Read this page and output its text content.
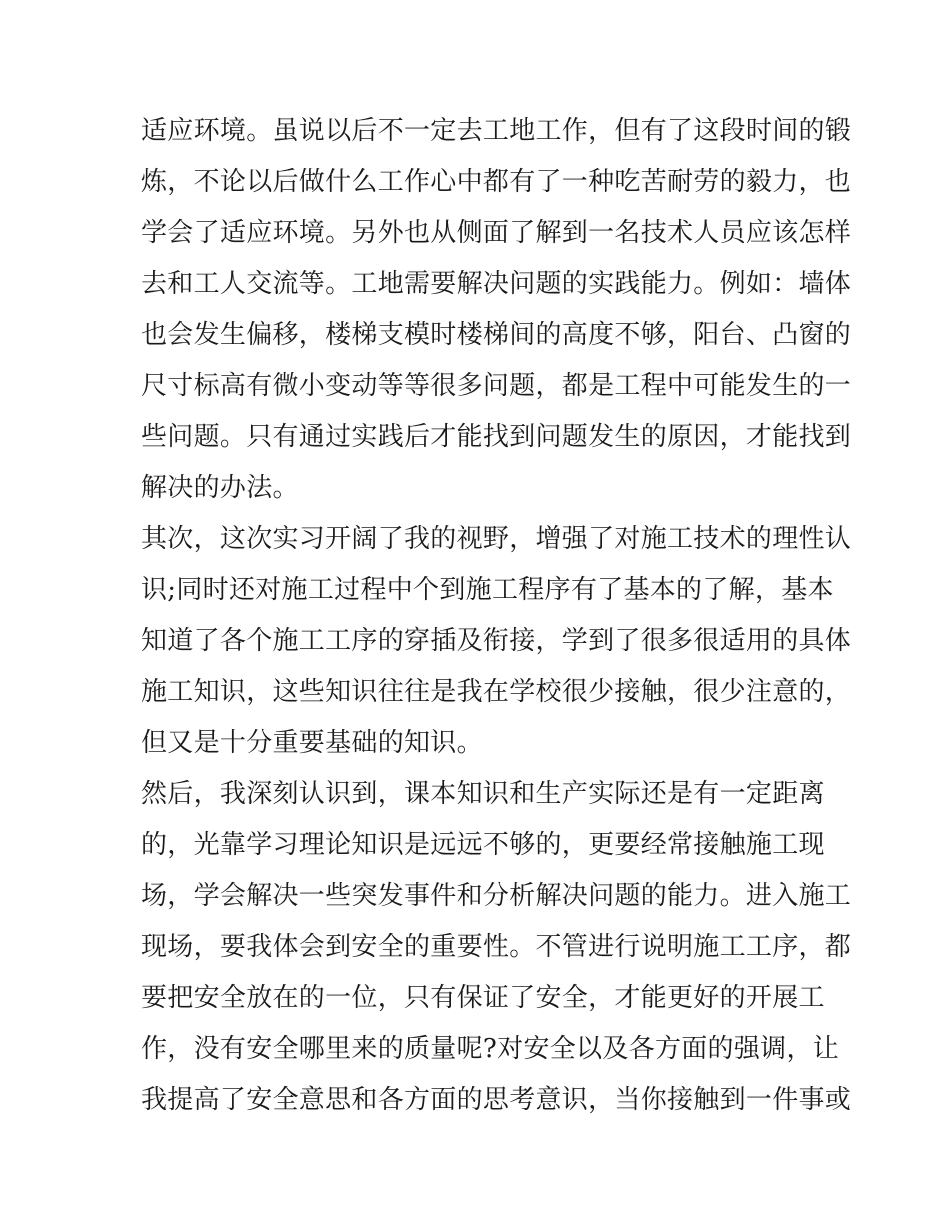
适应环境。虽说以后不一定去工地工作，但有了这段时间的锻
炼，不论以后做什么工作心中都有了一种吃苦耐劳的毅力，也
学会了适应环境。另外也从侧面了解到一名技术人员应该怎样
去和工人交流等。工地需要解决问题的实践能力。例如：墙体
也会发生偏移，楼梯支模时楼梯间的高度不够，阳台、凸窗的
尺寸标高有微小变动等等很多问题，都是工程中可能发生的一
些问题。只有通过实践后才能找到问题发生的原因，才能找到
解决的办法。
其次，这次实习开阔了我的视野，增强了对施工技术的理性认
识;同时还对施工过程中个到施工程序有了基本的了解，基本
知道了各个施工工序的穿插及衔接，学到了很多很适用的具体
施工知识，这些知识往往是我在学校很少接触，很少注意的，
但又是十分重要基础的知识。
然后，我深刻认识到，课本知识和生产实际还是有一定距离
的，光靠学习理论知识是远远不够的，更要经常接触施工现
场，学会解决一些突发事件和分析解决问题的能力。进入施工
现场，要我体会到安全的重要性。不管进行说明施工工序，都
要把安全放在的一位，只有保证了安全，才能更好的开展工
作，没有安全哪里来的质量呢?对安全以及各方面的强调，让
我提高了安全意思和各方面的思考意识，当你接触到一件事或
